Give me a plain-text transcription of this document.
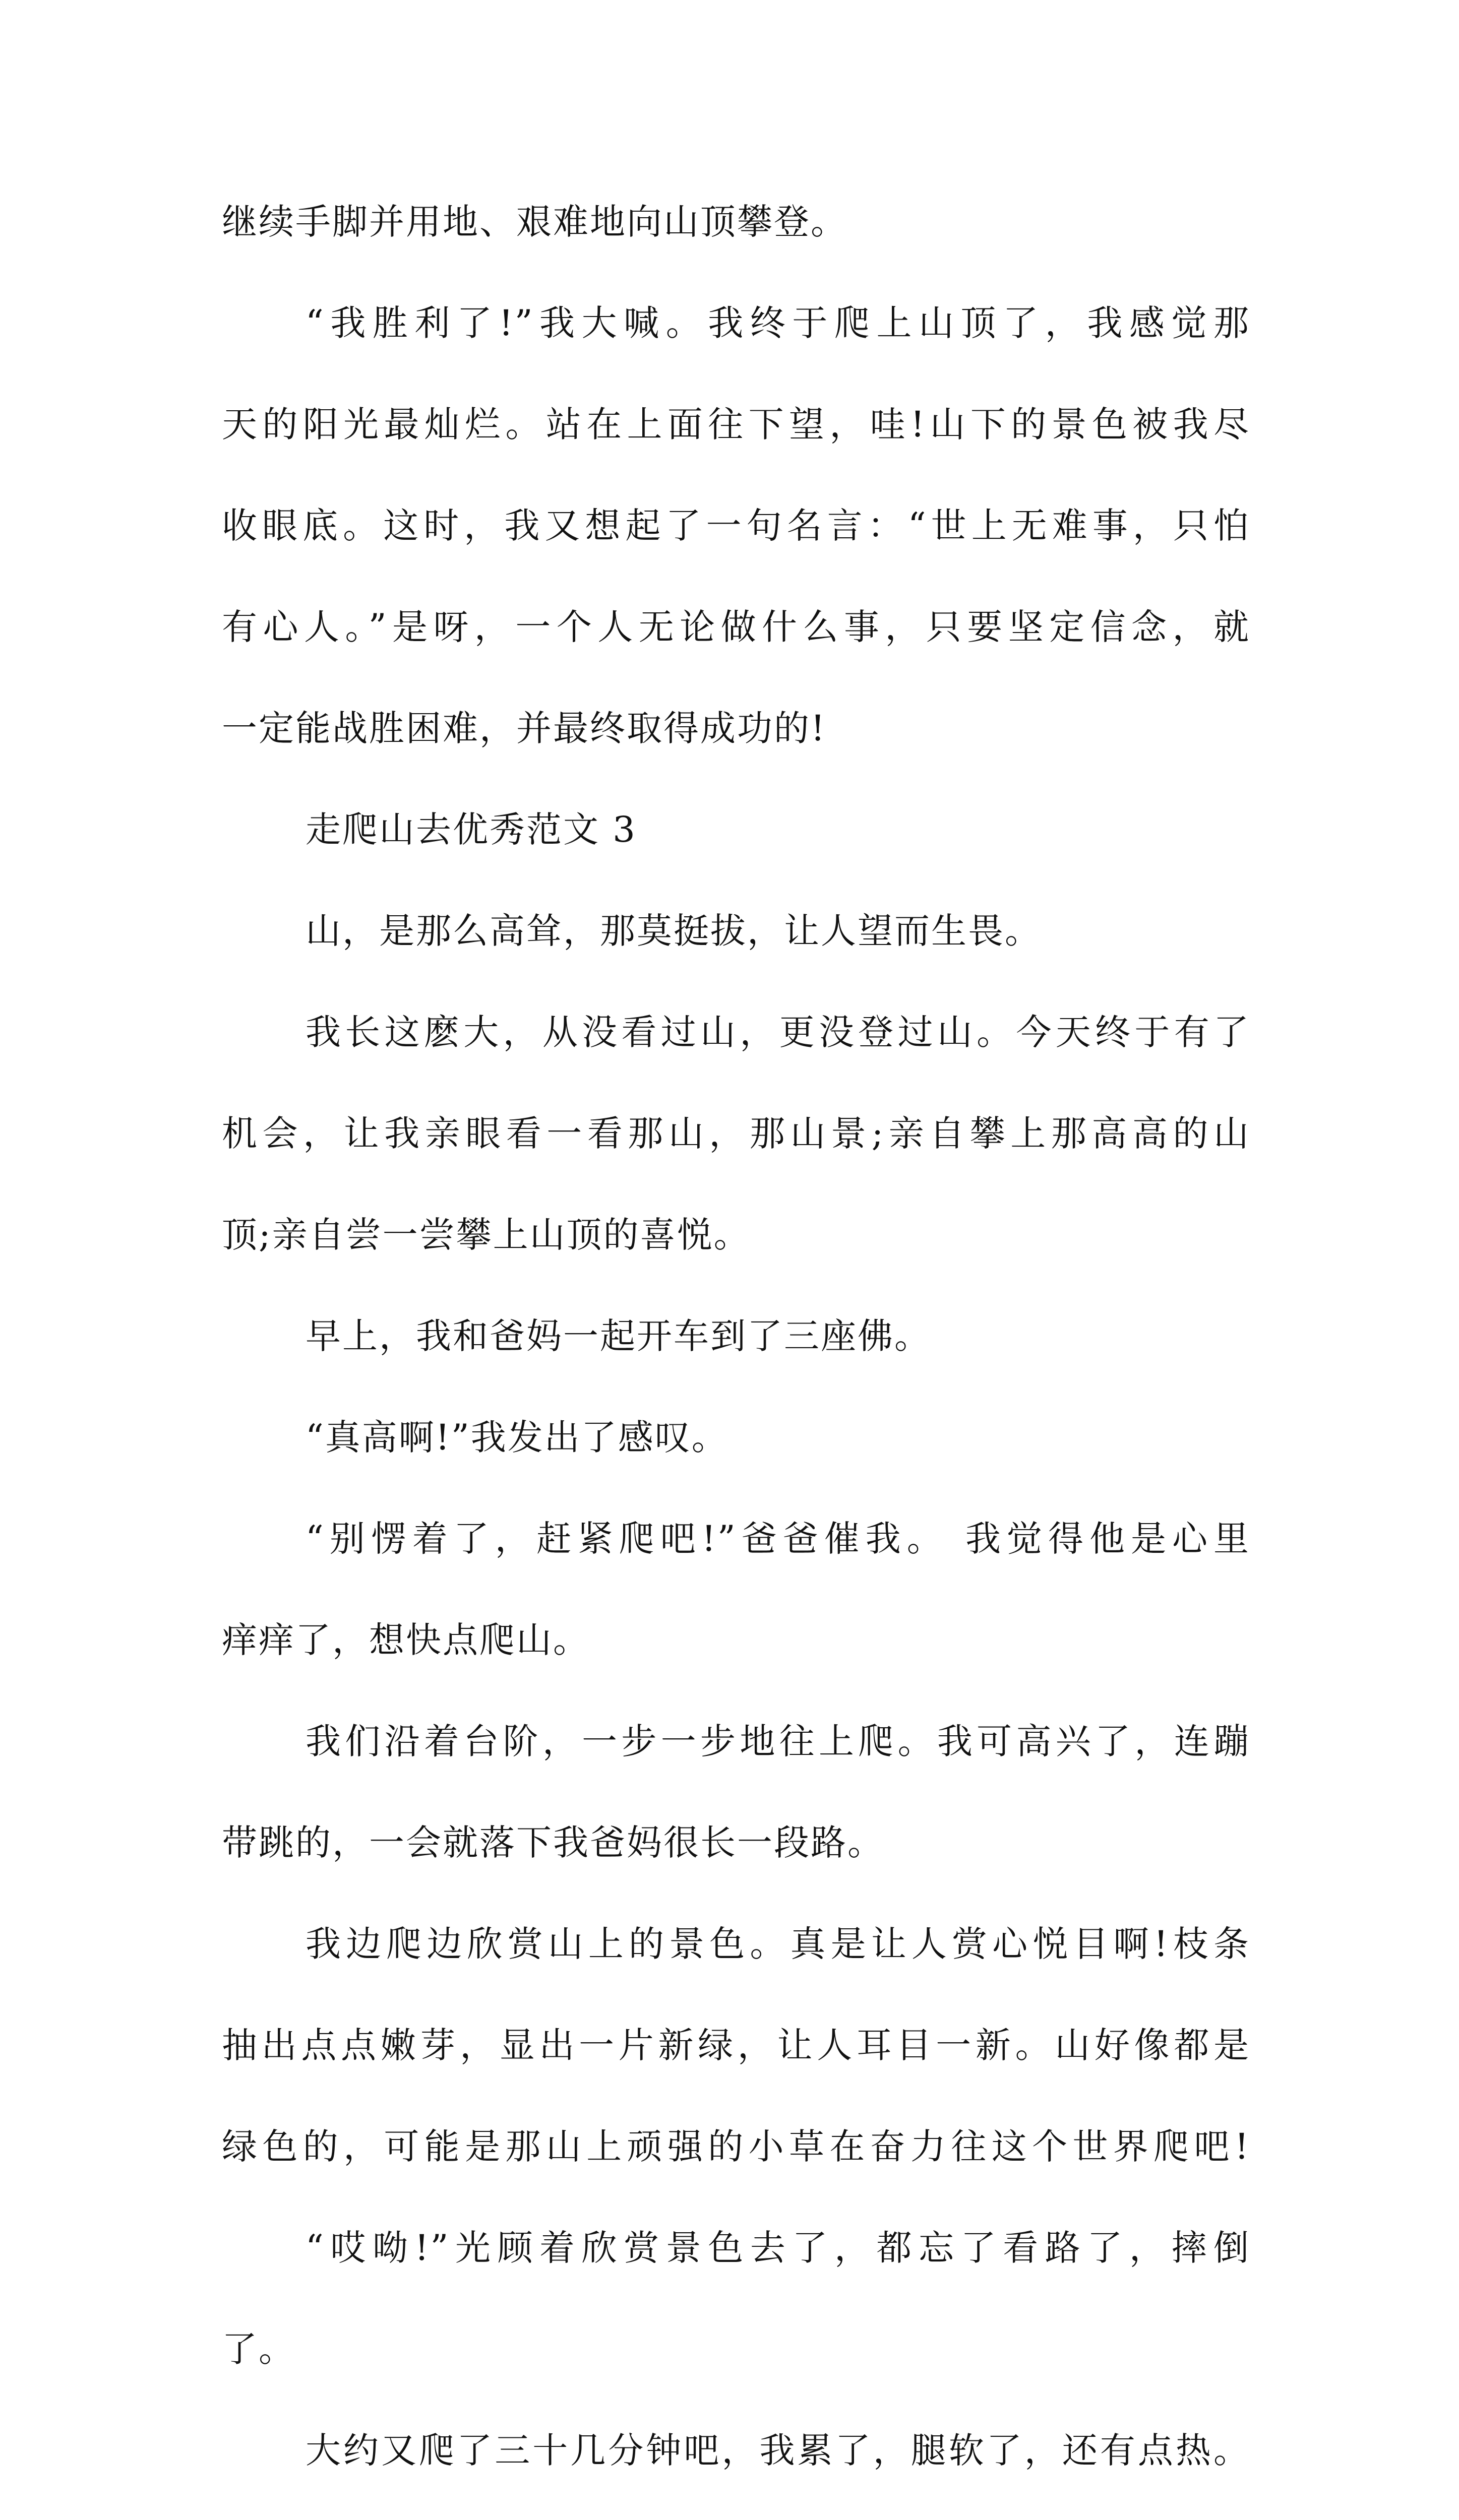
继续手脚并用地、艰难地向山顶攀登。
“我胜利了!”我大喊。我终于爬上山顶了，我感觉那
天的阳光最灿烂。站在上面往下望，哇!山下的景色被我尽
收眼底。这时，我又想起了一句名言：“世上无难事，只怕
有心人。”是呀，一个人无论做什么事，只要坚定信念，就
一定能战胜困难，并最终取得成功的!
走爬山去优秀范文 3
山，是那么高耸，那莫挺拔，让人望而生畏。
我长这麽大，从没看过山，更没登过山。今天终于有了
机会，让我亲眼看一看那山，那山景;亲自攀上那高高的山
顶;亲自尝一尝攀上山顶的喜悦。
早上，我和爸妈一起开车到了三座佛。
“真高啊!”我发出了感叹。
“别愣着了，赶紧爬吧!”爸爸催我。 我觉得他是心里
痒痒了，想快点爬山。
我们沿着台阶，一步一步地往上爬。我可高兴了，连蹦
带跳的，一会就落下我爸妈很长一段路。
我边爬边欣赏山上的景色。真是让人赏心悦目啊!枝条
抽出点点嫩芽，显出一片新绿，让人耳目一新。山好像都是
绿色的，可能是那山上顽强的小草在奋力往这个世界爬吧!
“哎呦!”光顾着欣赏景色去了，都忘了看路了，摔倒
了。
大约又爬了三十几分钟吧，我累了，腿软了，还有点热。
